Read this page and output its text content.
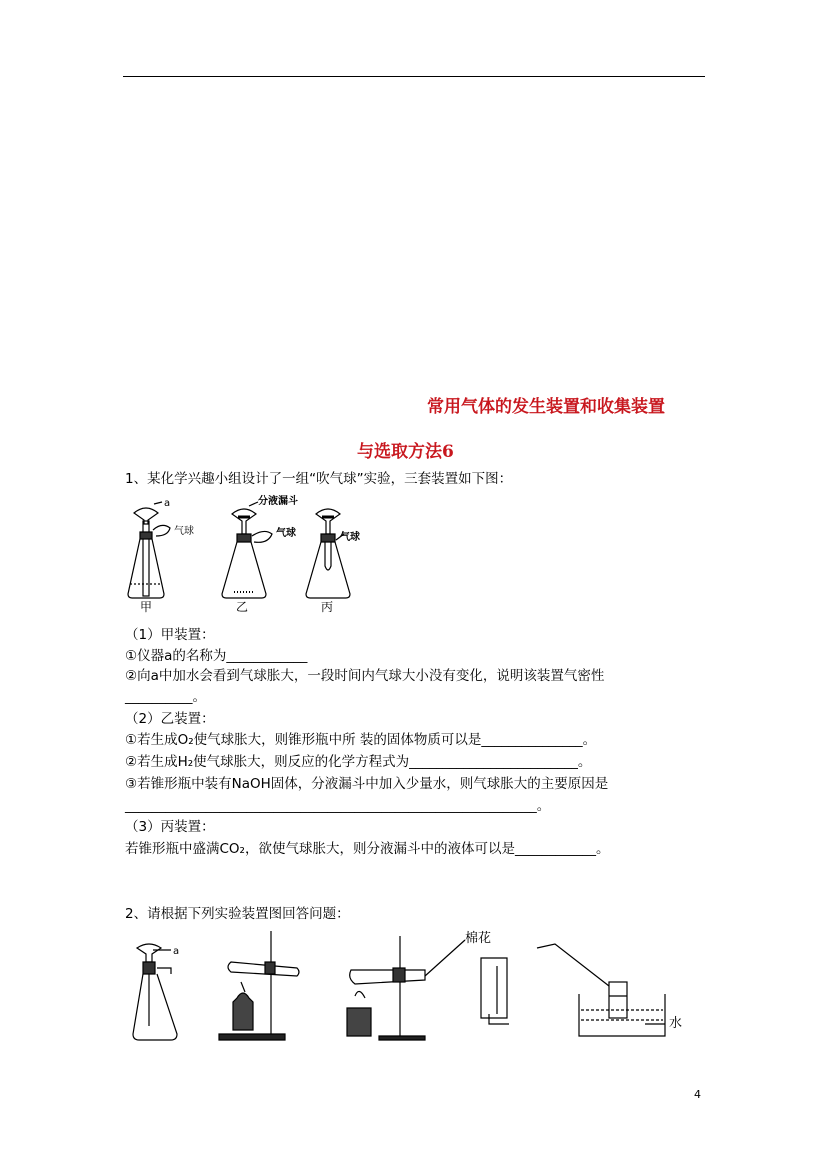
常用气体的发生装置和收集装置
与选取方法6
1、某化学兴趣小组设计了一组“吹气球”实验，三套装置如下图：
a
气球
分液漏斗
气球	气球
甲	乙	丙
（1）甲装置：
①仪器a的名称为____________
②向a中加水会看到气球胀大，一段时间内气球大小没有变化，说明该装置气密性
__________。
（2）乙装置：
①若生成O₂使气球胀大，则锥形瓶中所 装的固体物质可以是_______________。
②若生成H₂使气球胀大，则反应的化学方程式为_________________________。
③若锥形瓶中装有NaOH固体，分液漏斗中加入少量水，则气球胀大的主要原因是
_____________________________________________________________。
（3）丙装置：
若锥形瓶中盛满CO₂，欲使气球胀大，则分液漏斗中的液体可以是____________。
2、请根据下列实验装置图回答问题：
a
棉花
水
4
